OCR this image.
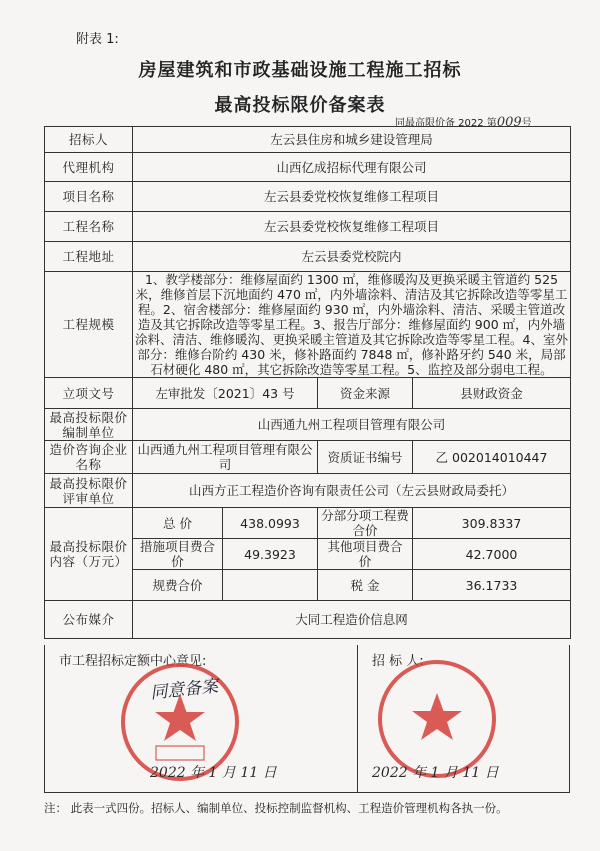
附表 1:
房屋建筑和市政基础设施工程施工招标
最高投标限价备案表
同最高限价备 2022 第009号
招标人	左云县住房和城乡建设管理局			
代理机构	山西亿成招标代理有限公司			
项目名称	左云县委党校恢复维修工程项目			
工程名称	左云县委党校恢复维修工程项目			
工程地址	左云县委党校院内			
工程规模	1、教学楼部分：维修屋面约 1300 ㎡，维修暖沟及更换采暖主管道约 525 米，维修首层下沉地面约 470 ㎡，内外墙涂料、清洁及其它拆除改造等零星工程。2、宿舍楼部分：维修屋面约 930 ㎡，内外墙涂料、清洁、采暖主管道改造及其它拆除改造等零星工程。3、报告厅部分：维修屋面约 900 ㎡，内外墙涂料、清洁、维修暖沟、更换采暖主管道及其它拆除改造等零星工程。4、室外部分：维修台阶约 430 米，修补路面约 7848 ㎡，修补路牙约 540 米，局部石材硬化 480 ㎡，其它拆除改造等零星工程。5、监控及部分弱电工程。			
立项文号	左审批发〔2021〕43 号		资金来源	县财政资金
最高投标限价编制单位	山西通九州工程项目管理有限公司			
造价咨询企业名称	山西通九州工程项目管理有限公司		资质证书编号	乙 002014010447
最高投标限价评审单位	山西方正工程造价咨询有限责任公司（左云县财政局委托）			
最高投标限价内容（万元）	总 价	438.0993	分部分项工程费合价	309.8337
	措施项目费合 价	49.3923	其他项目费合 价	42.7000
	规费合价		税 金	36.1733
公布媒介	大同工程造价信息网			
市工程招标定额中心意见:	招 标 人:
同意备案
2022 年 1 月 11 日	2022 年 1 月 11 日
注： 此表一式四份。招标人、编制单位、投标控制监督机构、工程造价管理机构各执一份。
